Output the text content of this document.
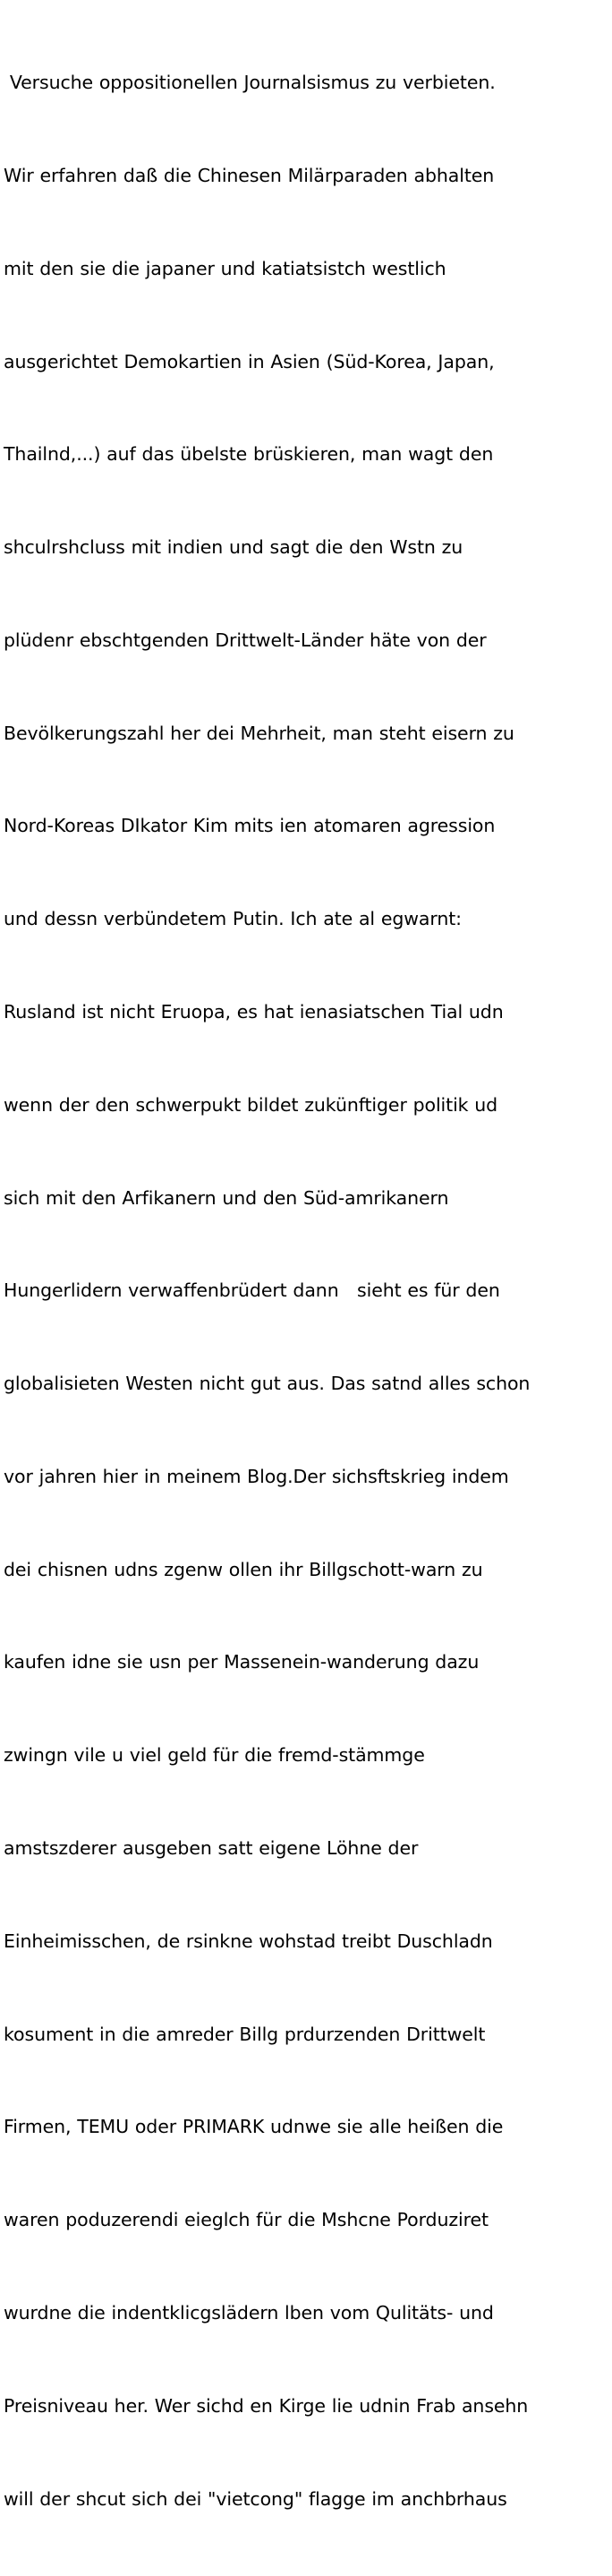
Versuche oppositionellen Journalsismus zu verbieten.

Wir erfahren daß die Chinesen Milärparaden abhalten

mit den sie die japaner und katiatsistch westlich

ausgerichtet Demokartien in Asien (Süd-Korea, Japan,

Thailnd,...) auf das übelste brüskieren, man wagt den

shculrshcluss mit indien und sagt die den Wstn zu

plüdenr ebschtgenden Drittwelt-Länder häte von der

Bevölkerungszahl her dei Mehrheit, man steht eisern zu

Nord-Koreas DIkator Kim mits ien atomaren agression

und dessn verbündetem Putin. Ich ate al egwarnt:

Rusland ist nicht Eruopa, es hat ienasiatschen Tial udn

wenn der den schwerpukt bildet zukünftiger politik ud

sich mit den Arfikanern und den Süd-amrikanern

Hungerlidern verwaffenbrüdert dann   sieht es für den

globalisieten Westen nicht gut aus. Das satnd alles schon

vor jahren hier in meinem Blog.Der sichsftskrieg indem

dei chisnen udns zgenw ollen ihr Billgschott-warn zu

kaufen idne sie usn per Massenein-wanderung dazu

zwingn vile u viel geld für die fremd-stämmge

amstszderer ausgeben satt eigene Löhne der

Einheimisschen, de rsinkne wohstad treibt Duschladn

kosument in die amreder Billg prdurzenden Drittwelt

Firmen, TEMU oder PRIMARK udnwe sie alle heißen die

waren poduzerendi eieglch für die Mshcne Porduziret

wurdne die indentklicgslädern lben vom Qulitäts- und

Preisniveau her. Wer sichd en Kirge lie udnin Frab ansehn

will der shcut sich dei "vietcong" flagge im anchbrhaus
